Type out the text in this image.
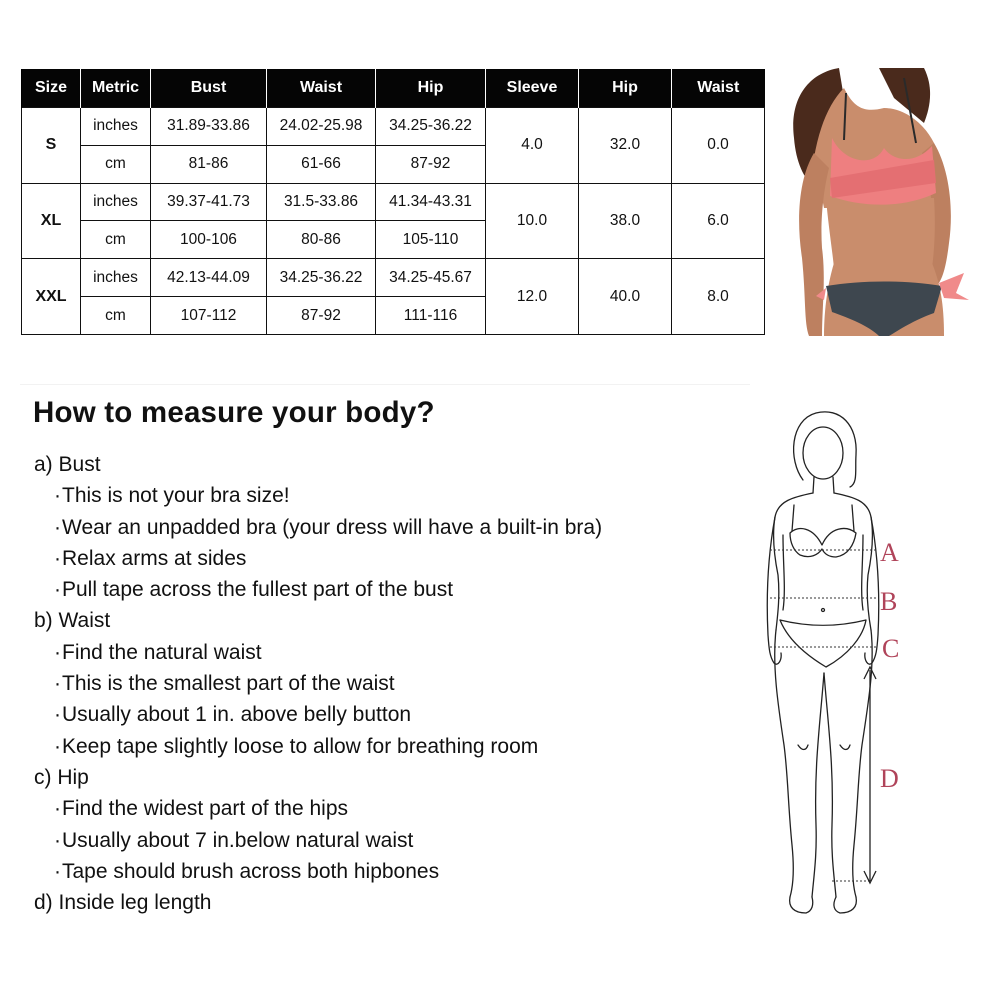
Size	Metric	Bust	Waist	Hip	Sleeve	Hip	Waist
S	inches	31.89-33.86	24.02-25.98	34.25-36.22	4.0	32.0	0.0
	cm	81-86	61-66	87-92			
XL	inches	39.37-41.73	31.5-33.86	41.34-43.31	10.0	38.0	6.0
	cm	100-106	80-86	105-110			
XXL	inches	42.13-44.09	34.25-36.22	34.25-45.67	12.0	40.0	8.0
	cm	107-112	87-92	111-116			
How to measure your body?
a) Bust
·This is not your bra size!
·Wear an unpadded bra (your dress will have a built-in bra)
·Relax arms at sides
·Pull tape across the fullest part of the bust
b) Waist
·Find the natural waist
·This is the smallest part of the waist
·Usually about 1 in. above belly button
·Keep tape slightly loose to allow for breathing room
c) Hip
·Find the widest part of the hips
·Usually about 7 in.below natural waist
·Tape should brush across both hipbones
d) Inside leg length
A
B
C
D
